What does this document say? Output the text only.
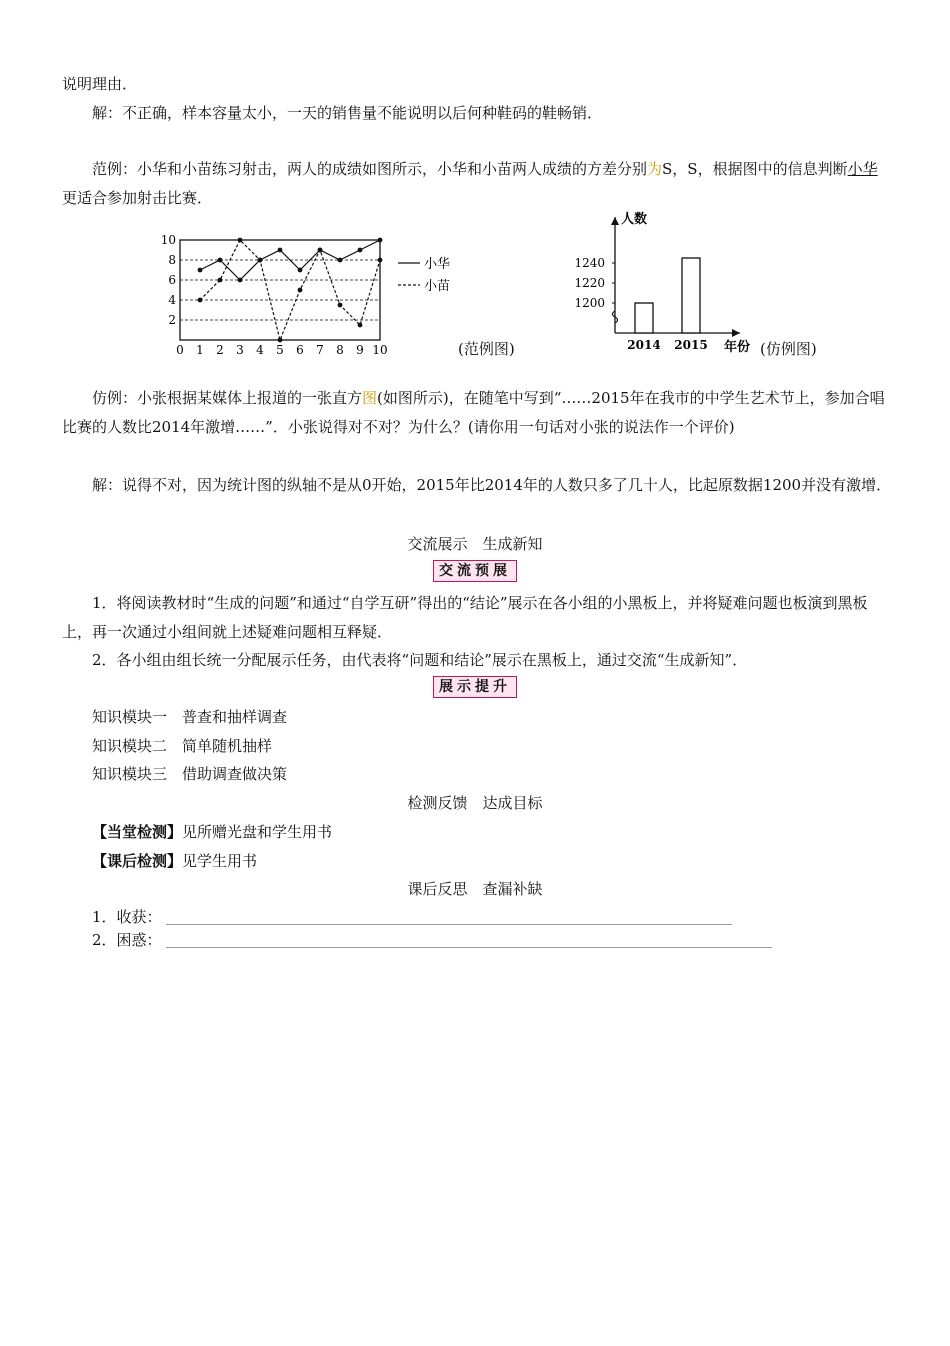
说明理由．
解：不正确，样本容量太小，一天的销售量不能说明以后何种鞋码的鞋畅销．
范例：小华和小苗练习射击，两人的成绩如图所示，小华和小苗两人成绩的方差分别为S，S，根据图中的信息判断小华更适合参加射击比赛．
2
4
6
8
10
0 1 2 3 4 5 6 7 8 9 10
小华
小苗
(范例图)
人数
年份
1200
1220
1240
2014 2015	(仿例图)
仿例：小张根据某媒体上报道的一张直方图(如图所示)，在随笔中写到“……2015年在我市的中学生艺术节上，参加合唱比赛的人数比2014年激增……”．小张说得对不对？为什么？(请你用一句话对小张的说法作一个评价)
解：说得不对，因为统计图的纵轴不是从0开始，2015年比2014年的人数只多了几十人，比起原数据1200并没有激增．
交流展示　生成新知
交流预展
1．将阅读教材时“生成的问题”和通过“自学互研”得出的“结论”展示在各小组的小黑板上，并将疑难问题也板演到黑板上，再一次通过小组间就上述疑难问题相互释疑．
2．各小组由组长统一分配展示任务，由代表将“问题和结论”展示在黑板上，通过交流“生成新知”．
展示提升
知识模块一　普查和抽样调查
知识模块二　简单随机抽样
知识模块三　借助调查做决策
检测反馈　达成目标
【当堂检测】见所赠光盘和学生用书
【课后检测】见学生用书
课后反思　查漏补缺
1．收获：
2．困惑：
